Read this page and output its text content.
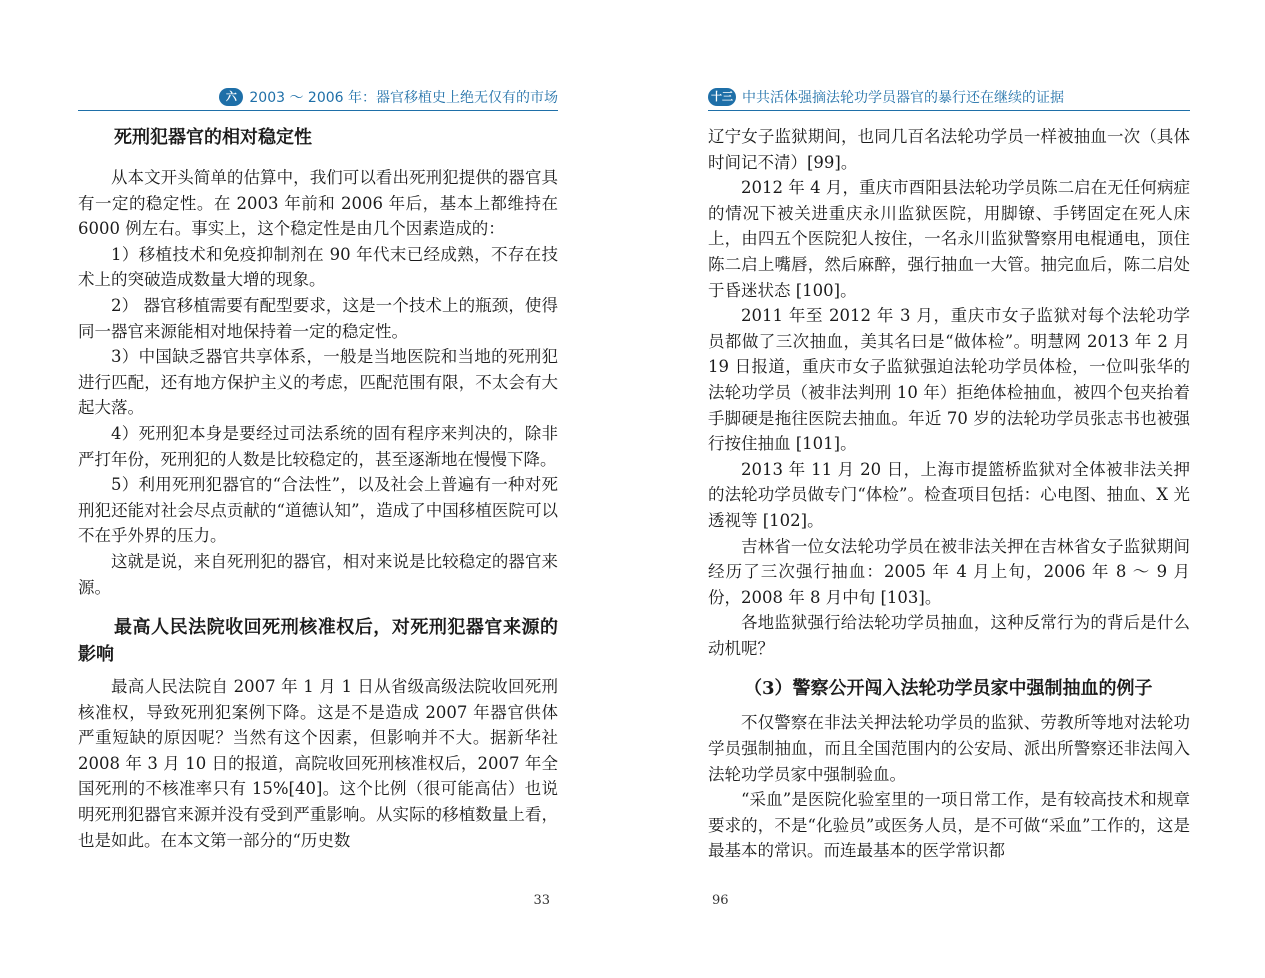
六 2003 ～ 2006 年：器官移植史上绝无仅有的市场
死刑犯器官的相对稳定性

从本文开头简单的估算中，我们可以看出死刑犯提供的器官具有一定的稳定性。在 2003 年前和 2006 年后，基本上都维持在 6000 例左右。事实上，这个稳定性是由几个因素造成的：

1）移植技术和免疫抑制剂在 90 年代末已经成熟，不存在技术上的突破造成数量大增的现象。

2） 器官移植需要有配型要求，这是一个技术上的瓶颈，使得同一器官来源能相对地保持着一定的稳定性。

3）中国缺乏器官共享体系，一般是当地医院和当地的死刑犯进行匹配，还有地方保护主义的考虑，匹配范围有限，不太会有大起大落。

4）死刑犯本身是要经过司法系统的固有程序来判决的，除非严打年份，死刑犯的人数是比较稳定的，甚至逐渐地在慢慢下降。

5）利用死刑犯器官的“合法性”，以及社会上普遍有一种对死刑犯还能对社会尽点贡献的“道德认知”，造成了中国移植医院可以不在乎外界的压力。

这就是说，来自死刑犯的器官，相对来说是比较稳定的器官来源。

最高人民法院收回死刑核准权后，对死刑犯器官来源的影响

最高人民法院自 2007 年 1 月 1 日从省级高级法院收回死刑核准权，导致死刑犯案例下降。这是不是造成 2007 年器官供体严重短缺的原因呢？当然有这个因素，但影响并不大。据新华社 2008 年 3 月 10 日的报道，高院收回死刑核准权后，2007 年全国死刑的不核准率只有 15%[40]。这个比例（很可能高估）也说明死刑犯器官来源并没有受到严重影响。从实际的移植数量上看，也是如此。在本文第一部分的“历史数

33
十三 中共活体强摘法轮功学员器官的暴行还在继续的证据

辽宁女子监狱期间，也同几百名法轮功学员一样被抽血一次（具体时间记不清）[99]。

2012 年 4 月，重庆市酉阳县法轮功学员陈二启在无任何病症的情况下被关进重庆永川监狱医院，用脚镣、手铐固定在死人床上，由四五个医院犯人按住，一名永川监狱警察用电棍通电，顶住陈二启上嘴唇，然后麻醉，强行抽血一大管。抽完血后，陈二启处于昏迷状态 [100]。

2011 年至 2012 年 3 月，重庆市女子监狱对每个法轮功学员都做了三次抽血，美其名曰是“做体检”。明慧网 2013 年 2 月 19 日报道，重庆市女子监狱强迫法轮功学员体检，一位叫张华的法轮功学员（被非法判刑 10 年）拒绝体检抽血，被四个包夹抬着手脚硬是拖往医院去抽血。年近 70 岁的法轮功学员张志书也被强行按住抽血 [101]。

2013 年 11 月 20 日，上海市提篮桥监狱对全体被非法关押的法轮功学员做专门“体检”。检查项目包括：心电图、抽血、X 光透视等 [102]。

吉林省一位女法轮功学员在被非法关押在吉林省女子监狱期间经历了三次强行抽血：2005 年 4 月上旬，2006 年 8 ～ 9 月份，2008 年 8 月中旬 [103]。

各地监狱强行给法轮功学员抽血，这种反常行为的背后是什么动机呢？

（3）警察公开闯入法轮功学员家中强制抽血的例子

不仅警察在非法关押法轮功学员的监狱、劳教所等地对法轮功学员强制抽血，而且全国范围内的公安局、派出所警察还非法闯入法轮功学员家中强制验血。

“采血”是医院化验室里的一项日常工作，是有较高技术和规章要求的，不是“化验员”或医务人员，是不可做“采血”工作的，这是最基本的常识。而连最基本的医学常识都

96
